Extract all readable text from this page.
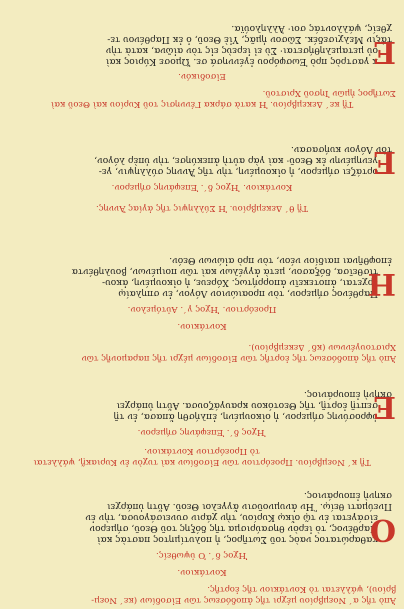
Ἀπὸ τῆς α΄ Νοεμβρίου μέχρι τῆς ἀποδόσεως τῶν Εἰσοδίων (κε΄ Νοεμ-
βρίου), ψάλλεται τὸ Κοντάκιον τῆς ἑορτῆς.
Κοντάκιον.
Ἦχος δ΄. Ὁ ὑψωθείς.
Ο
καθαρώτατος ναὸς τοῦ Σωτῆρος, ἡ πολυτίμητος παστὰς καὶ
Παρθένος, τὸ ἱερὸν θησαύρισμα τῆς δόξης τοῦ Θεοῦ, σήμερον
εἰσάγεται ἐν τῷ οἴκῳ Κυρίου, τὴν χάριν συνεισάγουσα, τὴν ἐν
Πνεύματι θείῳ. Ἣν ἀνυμνοῦσιν ἄγγελοι Θεοῦ. Αὕτη ὑπάρχει
σκηνὴ ἐπουράνιος.
Τῇ κ΄ Νοεμβρίου. Προεόρτιον τῶν Εἰσοδίων καὶ τυχὸν ἐν Κυριακῇ, ψάλλεται
τὸ Προεόρτιον Κοντάκιον.
Ἦχος δ΄. Ἐπεφάνης σήμερον.
Ε
ὐφροσύνης σήμερον, ἡ οἰκουμένη, ἐπλήσθη ἅπασα, ἐν τῇ
σεπτῇ ἑορτῇ, τῆς Θεοτόκου κραυγάζουσα. Αὕτη ὑπάρχει
σκηνὴ ἐπουράνιος.
Ἀπὸ τῆς ἀποδόσεως τῆς ἑορτῆς τῶν Εἰσοδίων μέχρι τῆς παραμονῆς τῶν
Χριστουγέννων (κδ΄ Δεκεμβρίου).
Κοντάκιον.
Προεόρτιον. Ἦχος γ΄. Αὐτόμελον.
Η
Παρθένος σήμερον, τὸν προαιώνιον Λόγον, ἐν σπηλαίῳ
ἔρχεται, ἀποτεκεῖν ἀπορρήτως. Χόρευε, ἡ οἰκουμένη, ἀκου-
τισθεῖσα, δόξασον, μετὰ ἀγγέλων καὶ τῶν ποιμένων, βουληθέντα
ἐποφθῆναι παιδίον νέον, τὸν πρὸ αἰώνων Θεόν.
Τῇ θ΄ Δεκεμβρίου. Ἡ Σύλληψις τῆς ἁγίας Ἄννης.
Κοντάκιον. Ἦχος δ΄. Ἐπεφάνης σήμερον.
Ε
ορτάζει σήμερον, ἡ οἰκουμένη, τὴν τῆς Ἄννης σύλληψιν, γε-
γενημένην ἐκ Θεοῦ· καὶ γὰρ αὐτὴ ἀπεκύησε, τὴν ὑπὲρ λόγον,
τὸν Λόγον κυήσασαν.
Τῇ κε΄ Δεκεμβρίου. Ἡ κατὰ σάρκα Γέννησις τοῦ Κυρίου καὶ Θεοῦ καὶ
Σωτῆρος ἡμῶν Ἰησοῦ Χριστοῦ.
Εἰσοδικόν.
Ε
κ γαστρὸς πρὸ Ἑωσφόρου ἐγέννησά σε. Ὤμοσε Κύριος καὶ
οὐ μεταμεληθήσεται· Σὺ εἶ ἱερεὺς εἰς τὸν αἰῶνα, κατὰ τὴν
τάξιν Μελχισεδέκ. Σῶσον ἡμᾶς, Υἱὲ Θεοῦ, ὁ ἐκ Παρθένου τε-
χθείς, ψάλλοντάς σοι· Ἀλληλούϊα.
